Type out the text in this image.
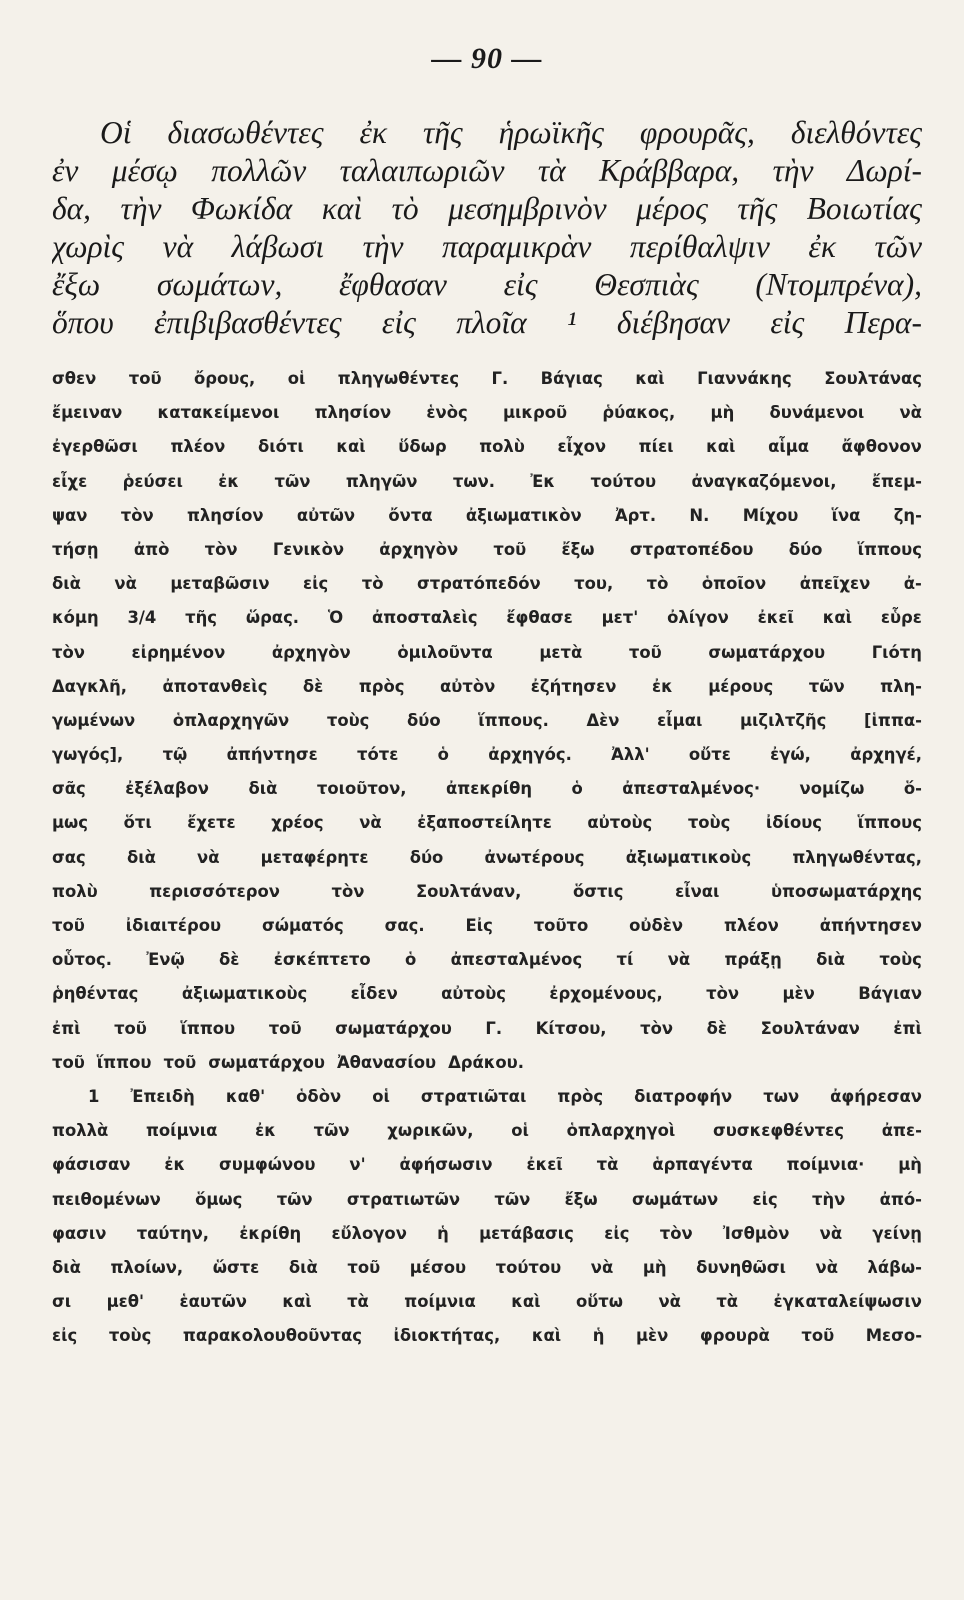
— 90 —
Οἱ διασωθέντες ἐκ τῆς ἡρωϊκῆς φρουρᾶς, διελθόντες
ἐν μέσῳ πολλῶν ταλαιπωριῶν τὰ Κράββαρα, τὴν Δωρί-
δα, τὴν Φωκίδα καὶ τὸ μεσημβρινὸν μέρος τῆς Βοιωτίας
χωρὶς νὰ λάβωσι τὴν παραμικρὰν περίθαλψιν ἐκ τῶν
ἔξω σωμάτων, ἔφθασαν εἰς Θεσπιὰς (Ντομπρένα),
ὅπου ἐπιβιβασθέντες εἰς πλοῖα ¹ διέβησαν εἰς Περα-
σθεν τοῦ ὄρους, οἱ πληγωθέντες Γ. Βάγιας καὶ Γιαννάκης Σουλτάνας
ἔμειναν κατακείμενοι πλησίον ἑνὸς μικροῦ ῥύακος, μὴ δυνάμενοι νὰ
ἐγερθῶσι πλέον διότι καὶ ὕδωρ πολὺ εἶχον πίει καὶ αἷμα ἄφθονον
εἶχε ῥεύσει ἐκ τῶν πληγῶν των. Ἐκ τούτου ἀναγκαζόμενοι, ἔπεμ-
ψαν τὸν πλησίον αὐτῶν ὄντα ἀξιωματικὸν Ἀρτ. Ν. Μίχου ἵνα ζη-
τήσῃ ἀπὸ τὸν Γενικὸν ἀρχηγὸν τοῦ ἔξω στρατοπέδου δύο ἵππους
διὰ νὰ μεταβῶσιν εἰς τὸ στρατόπεδόν του, τὸ ὁποῖον ἀπεῖχεν ἀ-
κόμη 3/4 τῆς ὥρας. Ὁ ἀποσταλεὶς ἔφθασε μετ' ὀλίγον ἐκεῖ καὶ εὗρε
τὸν	εἰρημένον	ἀρχηγὸν	ὁμιλοῦντα	μετὰ	τοῦ	σωματάρχου	Γιότη
Δαγκλῆ, ἀποτανθεὶς δὲ πρὸς αὐτὸν ἐζήτησεν ἐκ μέρους τῶν πλη-
γωμένων ὁπλαρχηγῶν τοὺς δύο ἵππους. Δὲν εἶμαι μιζιλτζῆς [ἱππα-
γωγός], τῷ ἀπήντησε τότε ὁ ἀρχηγός. Ἀλλ' οὔτε ἐγώ, ἀρχηγέ,
σᾶς ἐξέλαβον διὰ τοιοῦτον, ἀπεκρίθη ὁ ἀπεσταλμένος· νομίζω ὅ-
μως ὅτι ἔχετε χρέος νὰ ἐξαποστείλητε αὐτοὺς τοὺς ἰδίους ἵππους
σας	διὰ	νὰ	μεταφέρητε	δύο	ἀνωτέρους	ἀξιωματικοὺς	πληγωθέντας,
πολὺ	περισσότερον	τὸν	Σουλτάναν,	ὅστις	εἶναι	ὑποσωματάρχης
τοῦ ἰδιαιτέρου σώματός σας. Εἰς τοῦτο οὐδὲν πλέον ἀπήντησεν
οὗτος. Ἐνῷ δὲ ἐσκέπτετο ὁ ἀπεσταλμένος τί νὰ πράξῃ διὰ τοὺς
ῥηθέντας	ἀξιωματικοὺς	εἶδεν	αὐτοὺς	ἐρχομένους,	τὸν	μὲν	Βάγιαν
ἐπὶ τοῦ ἵππου τοῦ σωματάρχου Γ. Κίτσου, τὸν δὲ Σουλτάναν ἐπὶ
τοῦ ἵππου τοῦ σωματάρχου Ἀθανασίου Δράκου.
1 Ἐπειδὴ καθ' ὁδὸν οἱ στρατιῶται πρὸς διατροφήν των ἀφήρεσαν
πολλὰ ποίμνια ἐκ τῶν χωρικῶν, οἱ ὁπλαρχηγοὶ συσκεφθέντες ἀπε-
φάσισαν ἐκ συμφώνου ν' ἀφήσωσιν ἐκεῖ τὰ ἁρπαγέντα ποίμνια· μὴ
πειθομένων ὅμως τῶν στρατιωτῶν τῶν ἔξω σωμάτων εἰς τὴν ἀπό-
φασιν ταύτην, ἐκρίθη εὔλογον ἡ μετάβασις εἰς τὸν Ἰσθμὸν νὰ γείνῃ
διὰ πλοίων, ὥστε διὰ τοῦ μέσου τούτου νὰ μὴ δυνηθῶσι νὰ λάβω-
σι μεθ' ἑαυτῶν καὶ τὰ ποίμνια καὶ οὕτω νὰ τὰ ἐγκαταλείψωσιν
εἰς τοὺς παρακολουθοῦντας ἰδιοκτήτας, καὶ ἡ μὲν φρουρὰ τοῦ Μεσο-
